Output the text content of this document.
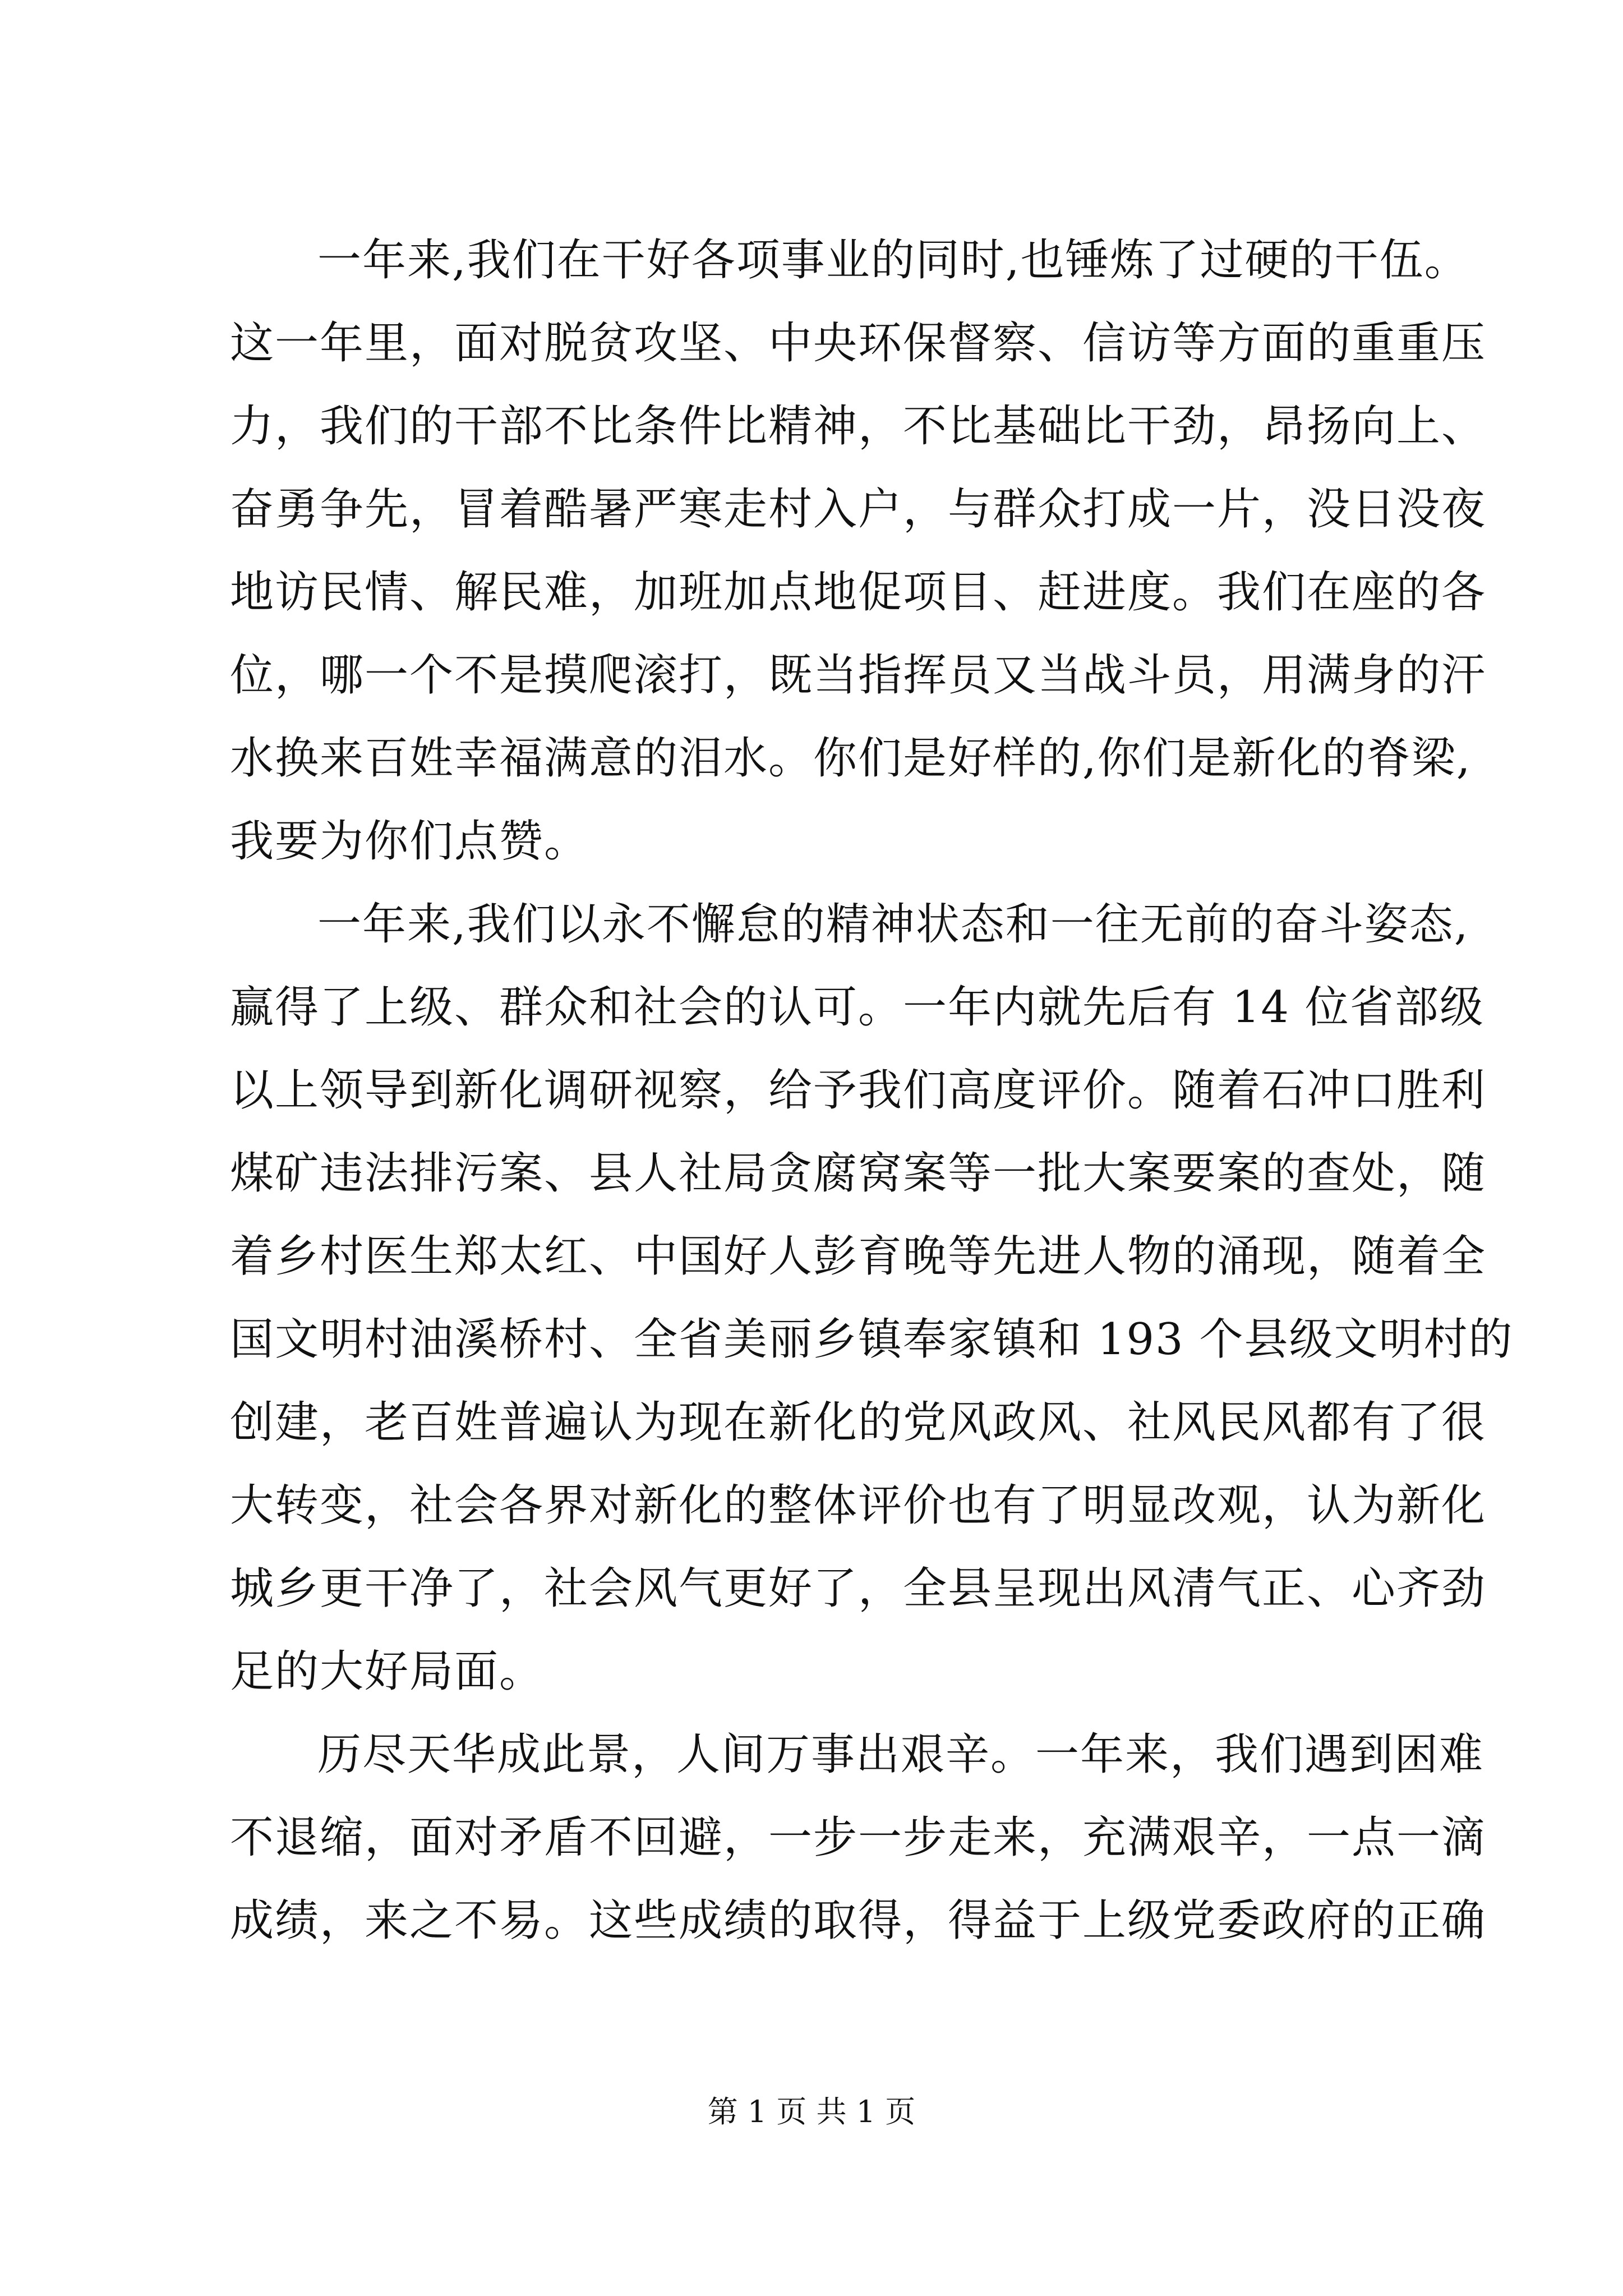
一年来,我们在干好各项事业的同时,也锤炼了过硬的干伍。
这一年里，面对脱贫攻坚、中央环保督察、信访等方面的重重压
力，我们的干部不比条件比精神，不比基础比干劲，昂扬向上、
奋勇争先，冒着酷暑严寒走村入户，与群众打成一片，没日没夜
地访民情、解民难，加班加点地促项目、赶进度。我们在座的各
位，哪一个不是摸爬滚打，既当指挥员又当战斗员，用满身的汗
水换来百姓幸福满意的泪水。你们是好样的,你们是新化的脊梁,
我要为你们点赞。

一年来,我们以永不懈怠的精神状态和一往无前的奋斗姿态,
赢得了上级、群众和社会的认可。一年内就先后有 14 位省部级
以上领导到新化调研视察，给予我们高度评价。随着石冲口胜利
煤矿违法排污案、县人社局贪腐窝案等一批大案要案的查处，随
着乡村医生郑太红、中国好人彭育晚等先进人物的涌现，随着全
国文明村油溪桥村、全省美丽乡镇奉家镇和 193 个县级文明村的
创建，老百姓普遍认为现在新化的党风政风、社风民风都有了很
大转变，社会各界对新化的整体评价也有了明显改观，认为新化
城乡更干净了，社会风气更好了，全县呈现出风清气正、心齐劲
足的大好局面。

历尽天华成此景，人间万事出艰辛。一年来，我们遇到困难
不退缩，面对矛盾不回避，一步一步走来，充满艰辛，一点一滴
成绩，来之不易。这些成绩的取得，得益于上级党委政府的正确

第 1 页 共 1 页
